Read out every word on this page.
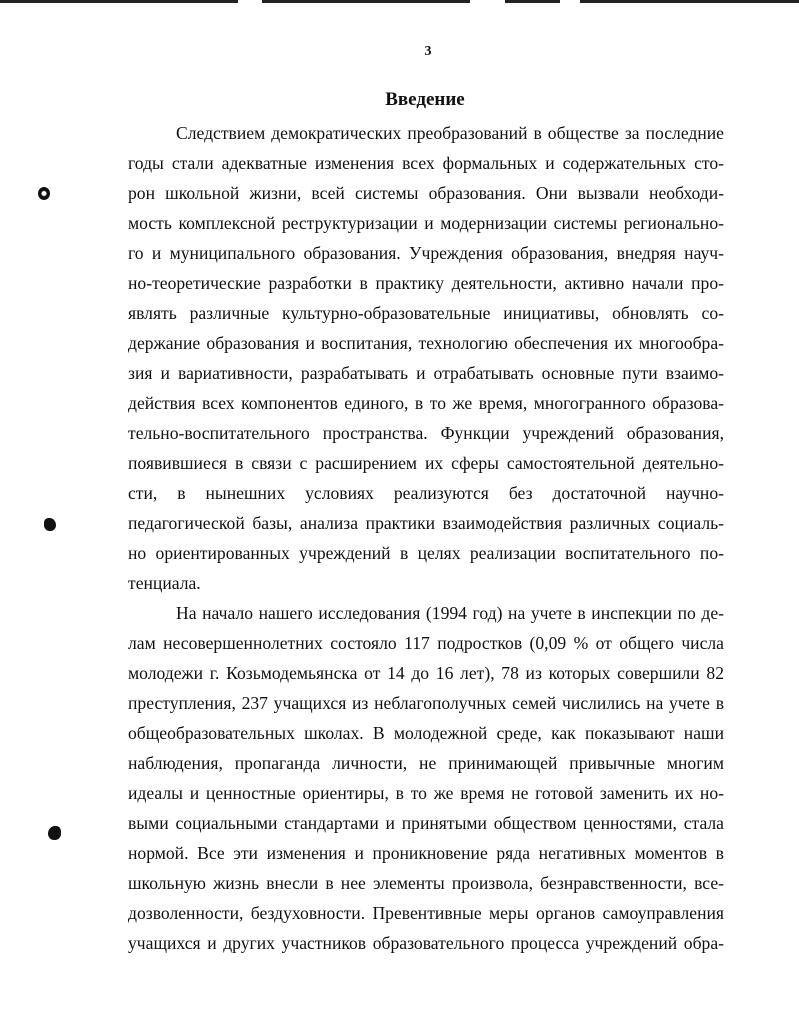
3
Введение
Следствием демократических преобразований в обществе за последние
годы стали адекватные изменения всех формальных и содержательных сто-
рон школьной жизни, всей системы образования. Они вызвали необходи-
мость комплексной реструктуризации и модернизации системы регионально-
го и муниципального образования. Учреждения образования, внедряя науч-
но-теоретические разработки в практику деятельности, активно начали про-
являть различные культурно-образовательные инициативы, обновлять со-
держание образования и воспитания, технологию обеспечения их многообра-
зия и вариативности, разрабатывать и отрабатывать основные пути взаимо-
действия всех компонентов единого, в то же время, многогранного образова-
тельно-воспитательного пространства. Функции учреждений образования,
появившиеся в связи с расширением их сферы самостоятельной деятельно-
сти, в нынешних условиях реализуются без достаточной научно-
педагогической базы, анализа практики взаимодействия различных социаль-
но ориентированных учреждений в целях реализации воспитательного по-
тенциала.
На начало нашего исследования (1994 год) на учете в инспекции по де-
лам несовершеннолетних состояло 117 подростков (0,09 % от общего числа
молодежи г. Козьмодемьянска от 14 до 16 лет), 78 из которых совершили 82
преступления, 237 учащихся из неблагополучных семей числились на учете в
общеобразовательных школах. В молодежной среде, как показывают наши
наблюдения, пропаганда личности, не принимающей привычные многим
идеалы и ценностные ориентиры, в то же время не готовой заменить их но-
выми социальными стандартами и принятыми обществом ценностями, стала
нормой. Все эти изменения и проникновение ряда негативных моментов в
школьную жизнь внесли в нее элементы произвола, безнравственности, все-
дозволенности, бездуховности. Превентивные меры органов самоуправления
учащихся и других участников образовательного процесса учреждений обра-
